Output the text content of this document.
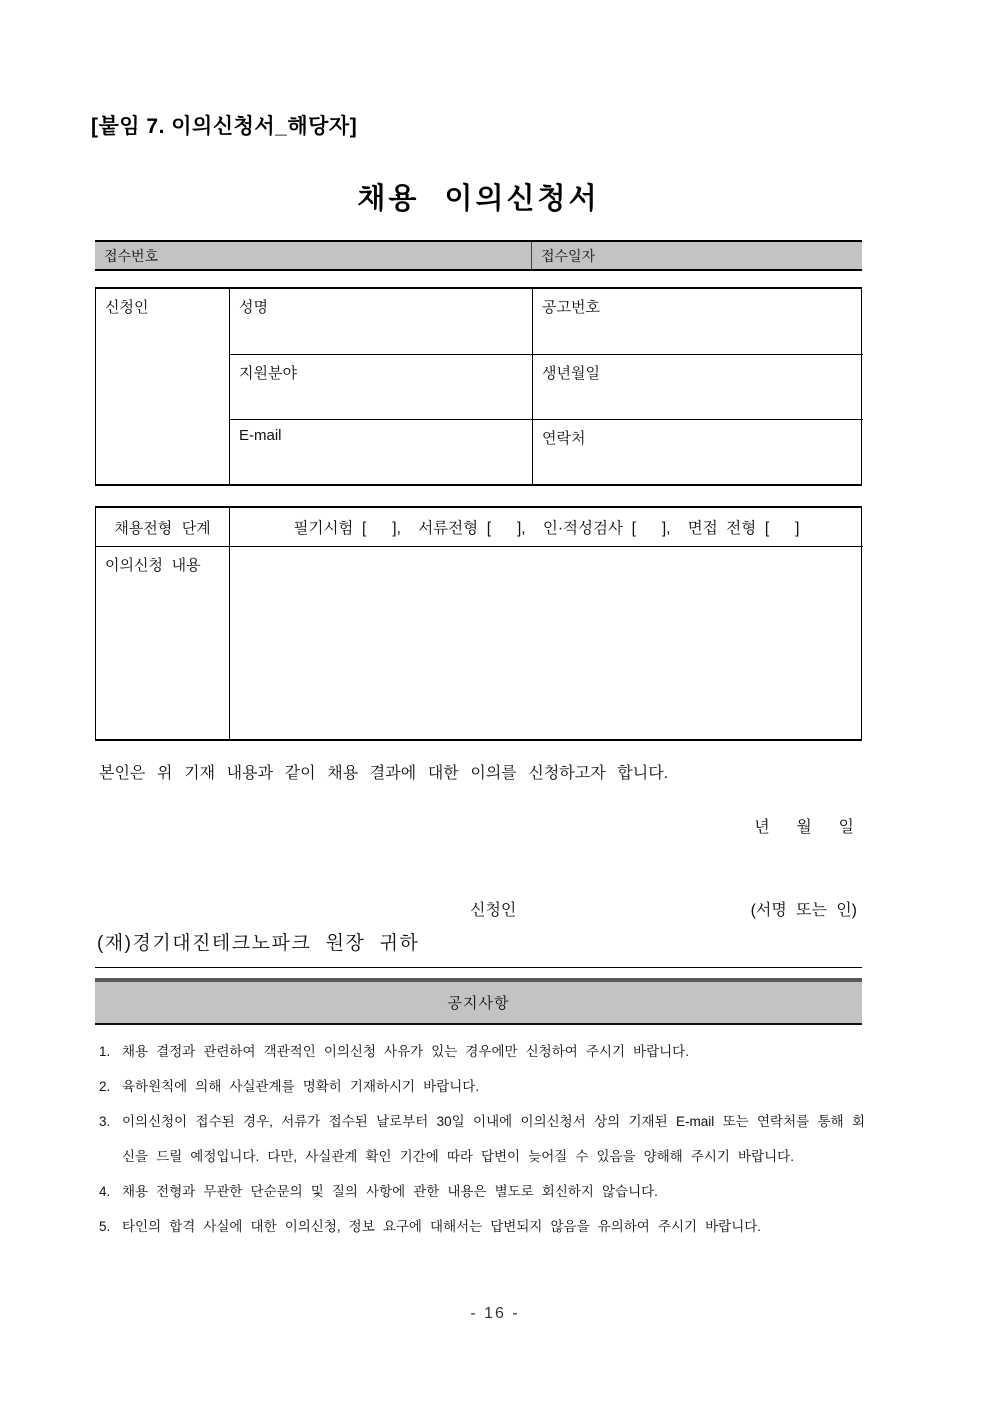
[붙임 7. 이의신청서_해당자]
채용 이의신청서
접수번호	접수일자
신청인	성명	공고번호
지원분야	생년월일
E-mail	연락처
채용전형 단계	필기시험 [   ],  서류전형 [   ],  인·적성검사 [   ],  면접 전형 [   ]
이의신청 내용
본인은 위 기재 내용과 같이 채용 결과에 대한 이의를 신청하고자 합니다.
년      월      일
신청인	(서명 또는 인)
(재)경기대진테크노파크 원장 귀하
공지사항
1. 채용 결정과 관련하여 객관적인 이의신청 사유가 있는 경우에만 신청하여 주시기 바랍니다.
2. 육하원칙에 의해 사실관계를 명확히 기재하시기 바랍니다.
3. 이의신청이 접수된 경우, 서류가 접수된 날로부터 30일 이내에 이의신청서 상의 기재된 E-mail 또는 연락처를 통해 회신을 드릴 예정입니다. 다만, 사실관계 확인 기간에 따라 답변이 늦어질 수 있음을 양해해 주시기 바랍니다.
4. 채용 전형과 무관한 단순문의 및 질의 사항에 관한 내용은 별도로 회신하지 않습니다.
5. 타인의 합격 사실에 대한 이의신청, 정보 요구에 대해서는 답변되지 않음을 유의하여 주시기 바랍니다.
- 16 -
